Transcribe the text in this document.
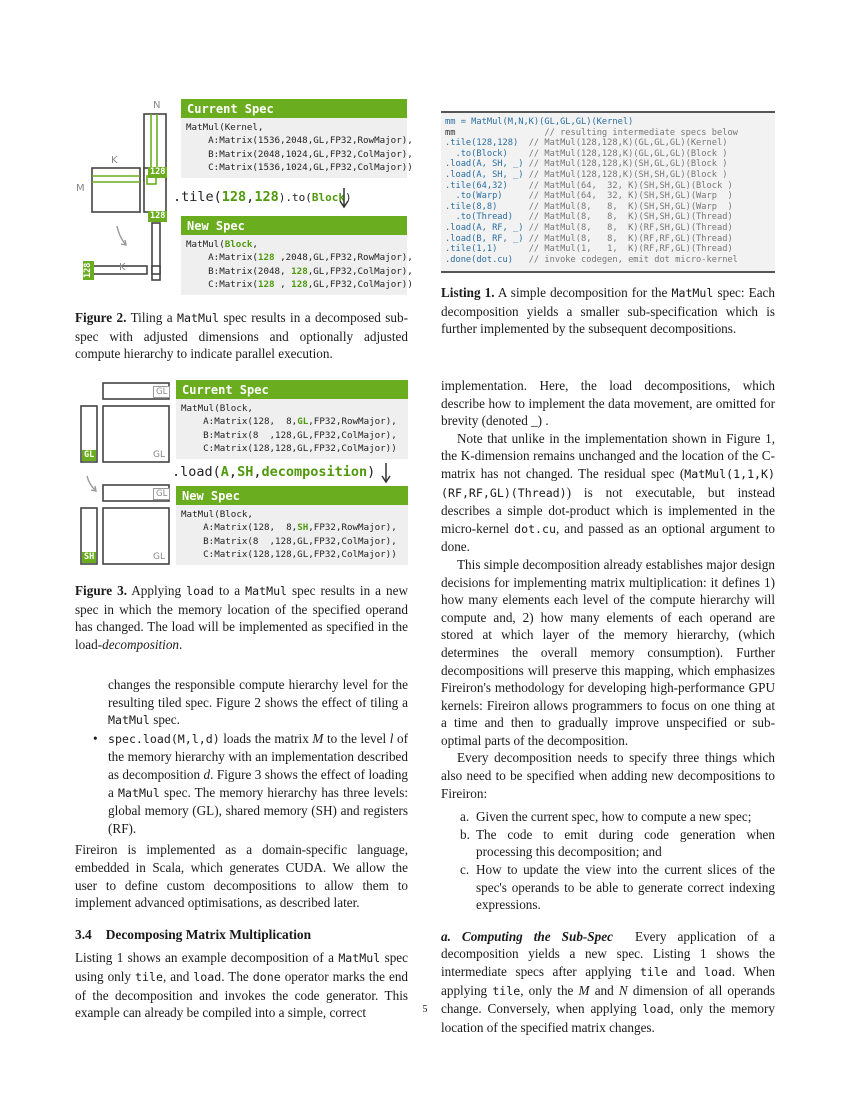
N
K
M
128
128
K
128
Current Spec
MatMul(Kernel,
A:Matrix(1536,2048,GL,FP32,RowMajor),
B:Matrix(2048,1024,GL,FP32,ColMajor),
C:Matrix(1536,1024,GL,FP32,ColMajor))
.tile(128,128).to(Block)
New Spec
MatMul(Block,
A:Matrix(128 ,2048,GL,FP32,RowMajor),
B:Matrix(2048, 128,GL,FP32,ColMajor),
C:Matrix(128 , 128,GL,FP32,ColMajor))
Figure 2. Tiling a MatMul spec results in a decomposed sub-spec with adjusted dimensions and optionally adjusted compute hierarchy to indicate parallel execution.
mm = MatMul(M,N,K)(GL,GL,GL)(Kernel)
mm                 // resulting intermediate specs below
.tile(128,128)  // MatMul(128,128,K)(GL,GL,GL)(Kernel)
.to(Block)    // MatMul(128,128,K)(GL,GL,GL)(Block )
.load(A, SH, _) // MatMul(128,128,K)(SH,GL,GL)(Block )
.load(A, SH, _) // MatMul(128,128,K)(SH,SH,GL)(Block )
.tile(64,32)    // MatMul(64,  32, K)(SH,SH,GL)(Block )
.to(Warp)     // MatMul(64,  32, K)(SH,SH,GL)(Warp  )
.tile(8,8)      // MatMul(8,   8,  K)(SH,SH,GL)(Warp  )
.to(Thread)   // MatMul(8,   8,  K)(SH,SH,GL)(Thread)
.load(A, RF, _) // MatMul(8,   8,  K)(RF,SH,GL)(Thread)
.load(B, RF, _) // MatMul(8,   8,  K)(RF,RF,GL)(Thread)
.tile(1,1)      // MatMul(1,   1,  K)(RF,RF,GL)(Thread)
.done(dot.cu)   // invoke codegen, emit dot micro-kernel
Listing 1. A simple decomposition for the MatMul spec: Each decomposition yields a smaller sub-specification which is further implemented by the subsequent decompositions.
GL
GL
GL
GL
GL
SH
Current Spec
MatMul(Block,
A:Matrix(128,  8,GL,FP32,RowMajor),
B:Matrix(8  ,128,GL,FP32,ColMajor),
C:Matrix(128,128,GL,FP32,ColMajor))
.load(A,SH,decomposition)
New Spec
MatMul(Block,
A:Matrix(128,  8,SH,FP32,RowMajor),
B:Matrix(8  ,128,GL,FP32,ColMajor),
C:Matrix(128,128,GL,FP32,ColMajor))
Figure 3. Applying load to a MatMul spec results in a new spec in which the memory location of the specified operand has changed. The load will be implemented as specified in the load-decomposition.

changes the responsible compute hierarchy level for the resulting tiled spec. Figure 2 shows the effect of tiling a MatMul spec.

• spec.load(M,l,d) loads the matrix M to the level l of the memory hierarchy with an implementation described as decomposition d. Figure 3 shows the effect of loading a MatMul spec. The memory hierarchy has three levels: global memory (GL), shared memory (SH) and registers (RF).

Fireiron is implemented as a domain-specific language, embedded in Scala, which generates CUDA. We allow the user to define custom decompositions to allow them to implement advanced optimisations, as described later.

3.4 Decomposing Matrix Multiplication

Listing 1 shows an example decomposition of a MatMul spec using only tile, and load. The done operator marks the end of the decomposition and invokes the code generator. This example can already be compiled into a simple, correct

implementation. Here, the load decompositions, which describe how to implement the data movement, are omitted for brevity (denoted _) .

Note that unlike in the implementation shown in Figure 1, the K-dimension remains unchanged and the location of the C-matrix has not changed. The residual spec (MatMul(1,1,K)(RF,RF,GL)(Thread)) is not executable, but instead describes a simple dot-product which is implemented in the micro-kernel dot.cu, and passed as an optional argument to done.

This simple decomposition already establishes major design decisions for implementing matrix multiplication: it defines 1) how many elements each level of the compute hierarchy will compute and, 2) how many elements of each operand are stored at which layer of the memory hierarchy, (which determines the overall memory consumption). Further decompositions will preserve this mapping, which emphasizes Fireiron's methodology for developing high-performance GPU kernels: Fireiron allows programmers to focus on one thing at a time and then to gradually improve unspecified or sub-optimal parts of the decomposition.

Every decomposition needs to specify three things which also need to be specified when adding new decompositions to Fireiron:

a. Given the current spec, how to compute a new spec;
b. The code to emit during code generation when processing this decomposition; and
c. How to update the view into the current slices of the spec's operands to be able to generate correct indexing expressions.

a. Computing the Sub-Spec Every application of a decomposition yields a new spec. Listing 1 shows the intermediate specs after applying tile and load. When applying tile, only the M and N dimension of all operands change. Conversely, when applying load, only the memory location of the specified matrix changes.

5
